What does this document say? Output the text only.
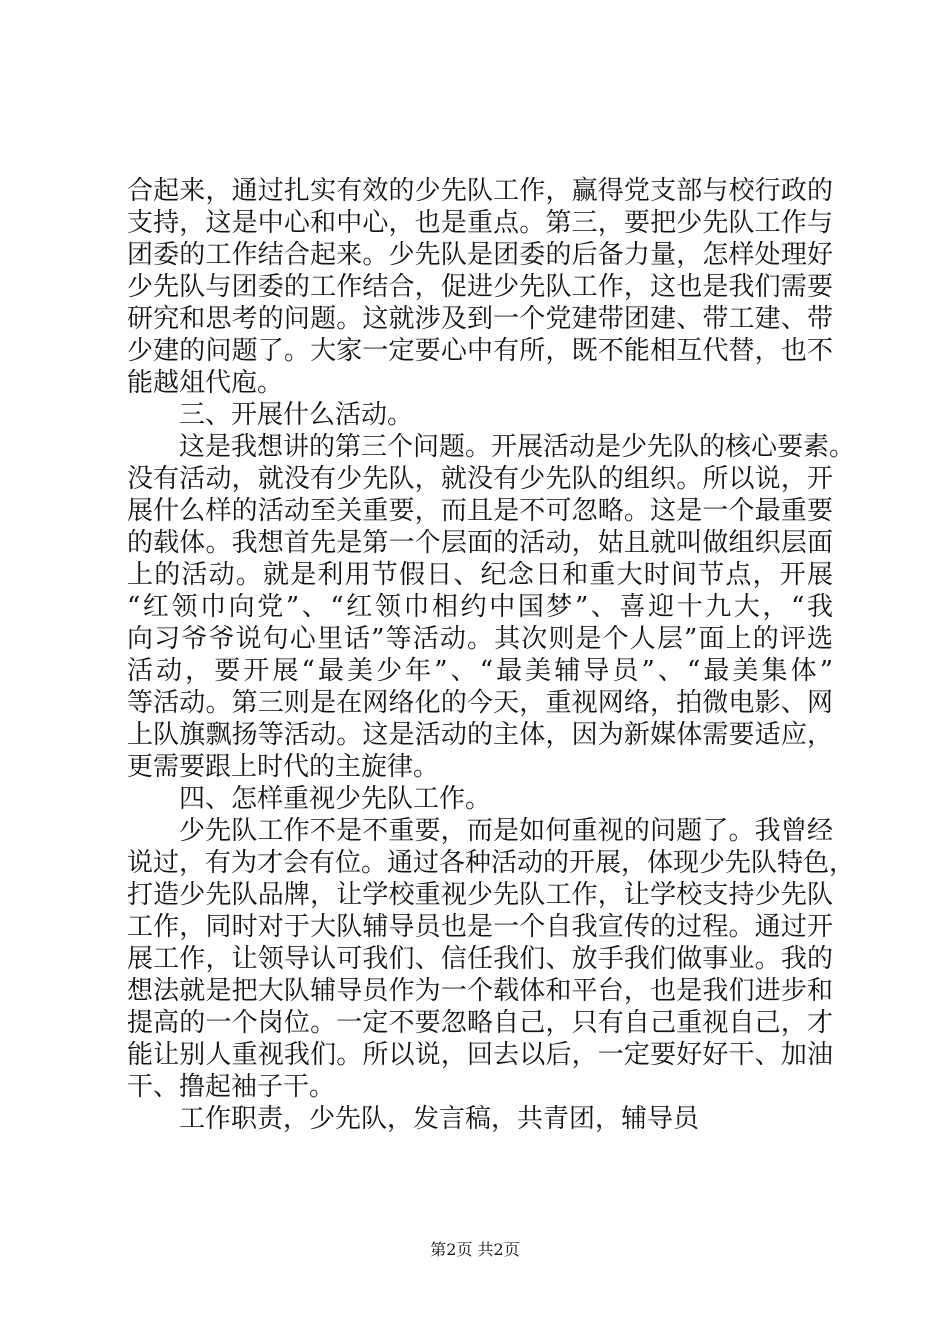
合起来，通过扎实有效的少先队工作，赢得党支部与校行政的
支持，这是中心和中心，也是重点。第三，要把少先队工作与
团委的工作结合起来。少先队是团委的后备力量，怎样处理好
少先队与团委的工作结合，促进少先队工作，这也是我们需要
研究和思考的问题。这就涉及到一个党建带团建、带工建、带
少建的问题了。大家一定要心中有所，既不能相互代替，也不
能越俎代庖。
三、开展什么活动。
这是我想讲的第三个问题。开展活动是少先队的核心要素。
没有活动，就没有少先队，就没有少先队的组织。所以说，开
展什么样的活动至关重要，而且是不可忽略。这是一个最重要
的载体。我想首先是第一个层面的活动，姑且就叫做组织层面
上的活动。就是利用节假日、纪念日和重大时间节点，开展
“红领巾向党”、“红领巾相约中国梦”、喜迎十九大，“我
向习爷爷说句心里话”等活动。其次则是个人层”面上的评选
活动，要开展“最美少年”、“最美辅导员”、“最美集体”
等活动。第三则是在网络化的今天，重视网络，拍微电影、网
上队旗飘扬等活动。这是活动的主体，因为新媒体需要适应，
更需要跟上时代的主旋律。
四、怎样重视少先队工作。
少先队工作不是不重要，而是如何重视的问题了。我曾经
说过，有为才会有位。通过各种活动的开展，体现少先队特色，
打造少先队品牌，让学校重视少先队工作，让学校支持少先队
工作，同时对于大队辅导员也是一个自我宣传的过程。通过开
展工作，让领导认可我们、信任我们、放手我们做事业。我的
想法就是把大队辅导员作为一个载体和平台，也是我们进步和
提高的一个岗位。一定不要忽略自己，只有自己重视自己，才
能让别人重视我们。所以说，回去以后，一定要好好干、加油
干、撸起袖子干。
工作职责，少先队，发言稿，共青团，辅导员
第2页 共2页
